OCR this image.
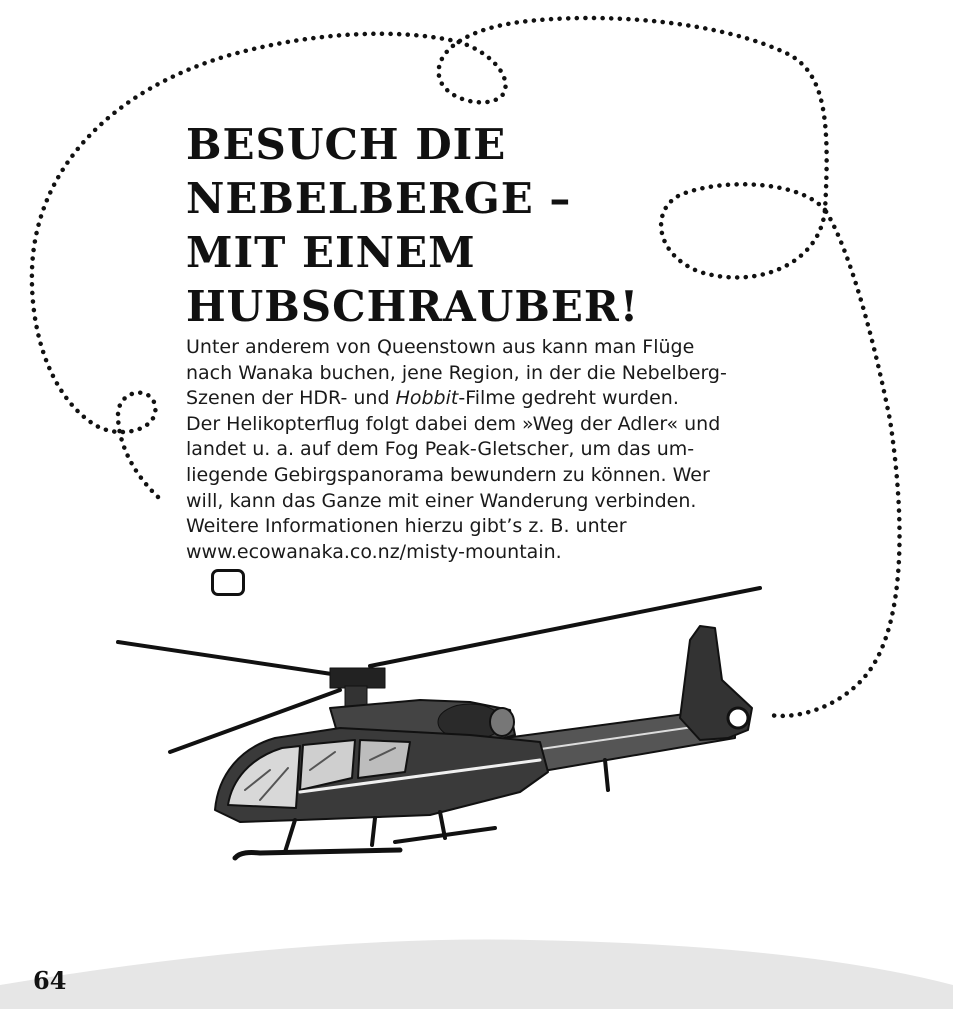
BESUCH DIE
NEBELBERGE –
MIT EINEM
HUBSCHRAUBER!
Unter anderem von Queenstown aus kann man Flüge
nach Wanaka buchen, jene Region, in der die Nebelberg-
Szenen der HDR- und Hobbit-Filme gedreht wurden.
Der Helikopterflug folgt dabei dem »Weg der Adler« und
landet u. a. auf dem Fog Peak-Gletscher, um das um-
liegende Gebirgspanorama bewundern zu können. Wer
will, kann das Ganze mit einer Wanderung verbinden.
Weitere Informationen hierzu gibt’s z. B. unter
www.ecowanaka.co.nz/misty-mountain.
64
